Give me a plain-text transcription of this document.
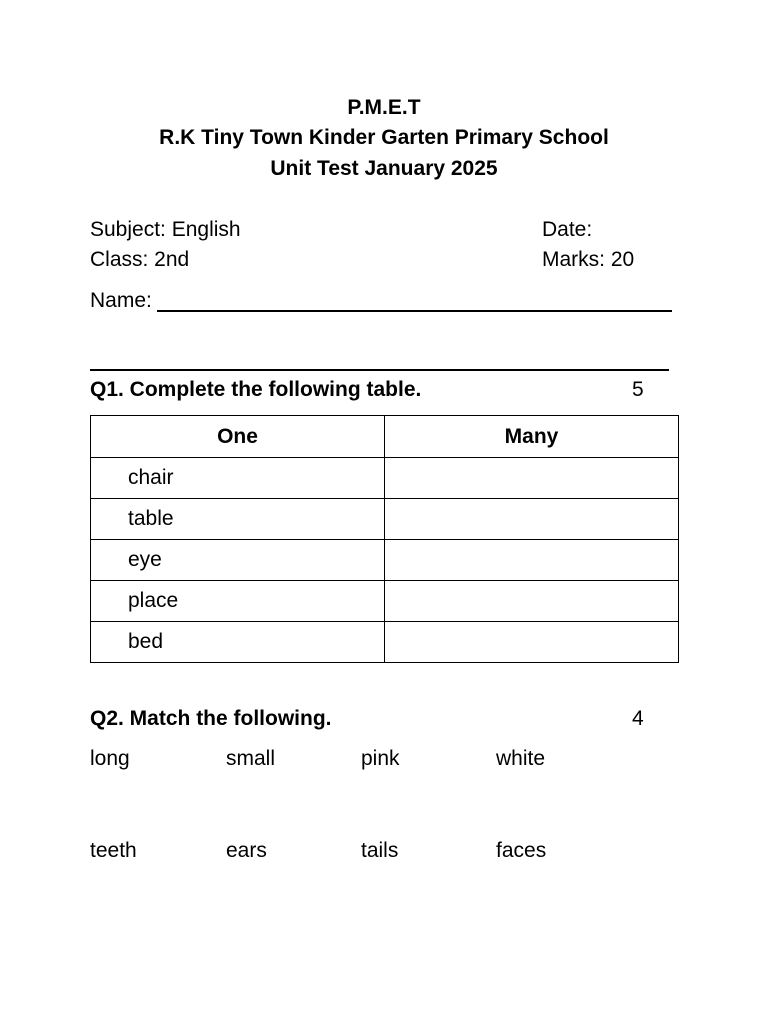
P.M.E.T
R.K Tiny Town Kinder Garten Primary School
Unit Test January 2025
Subject: English	Date:
Class: 2nd	Marks: 20
Name:
Q1. Complete the following table.	5
One	Many
chair	
table	
eye	
place	
bed	
Q2. Match the following.	4
long	small	pink	white
teeth	ears	tails	faces
